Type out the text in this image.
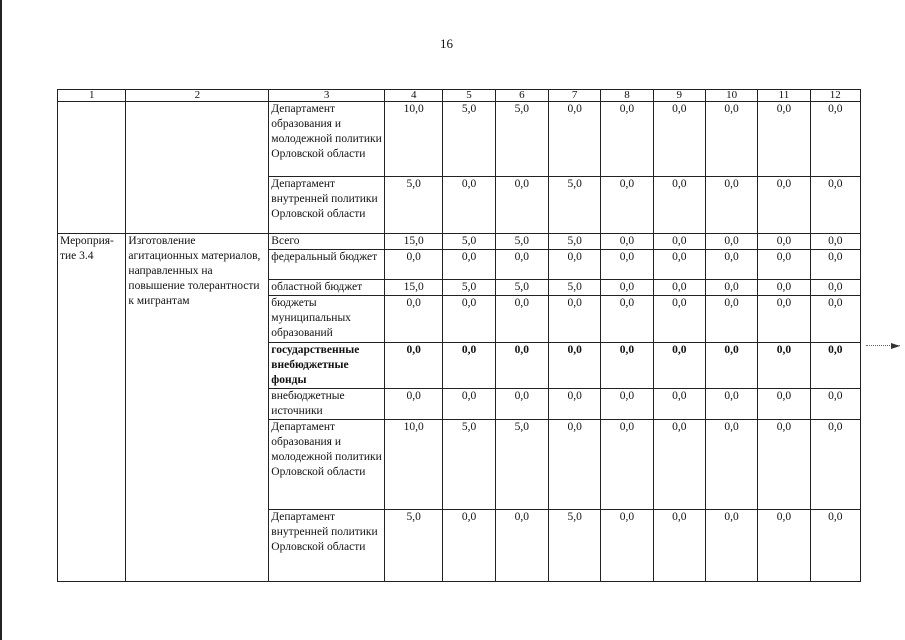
16
1	2	3	4	5	6	7	8	9	10	11	12
		Департамент образования и молодежной политики Орловской области	10,0	5,0	5,0	0,0	0,0	0,0	0,0	0,0	0,0
		Департамент внутренней политики Орловской области	5,0	0,0	0,0	5,0	0,0	0,0	0,0	0,0	0,0
Мероприя-тие 3.4	Изготовление агитационных материалов, направленных на повышение толерантности к мигрантам	Всего	15,0	5,0	5,0	5,0	0,0	0,0	0,0	0,0	0,0
		федеральный бюджет	0,0	0,0	0,0	0,0	0,0	0,0	0,0	0,0	0,0
		областной бюджет	15,0	5,0	5,0	5,0	0,0	0,0	0,0	0,0	0,0
		бюджеты муниципальных образований	0,0	0,0	0,0	0,0	0,0	0,0	0,0	0,0	0,0
		государственные внебюджетные фонды	0,0	0,0	0,0	0,0	0,0	0,0	0,0	0,0	0,0
		внебюджетные источники	0,0	0,0	0,0	0,0	0,0	0,0	0,0	0,0	0,0
		Департамент образования и молодежной политики Орловской области	10,0	5,0	5,0	0,0	0,0	0,0	0,0	0,0	0,0
		Департамент внутренней политики Орловской области	5,0	0,0	0,0	5,0	0,0	0,0	0,0	0,0	0,0
